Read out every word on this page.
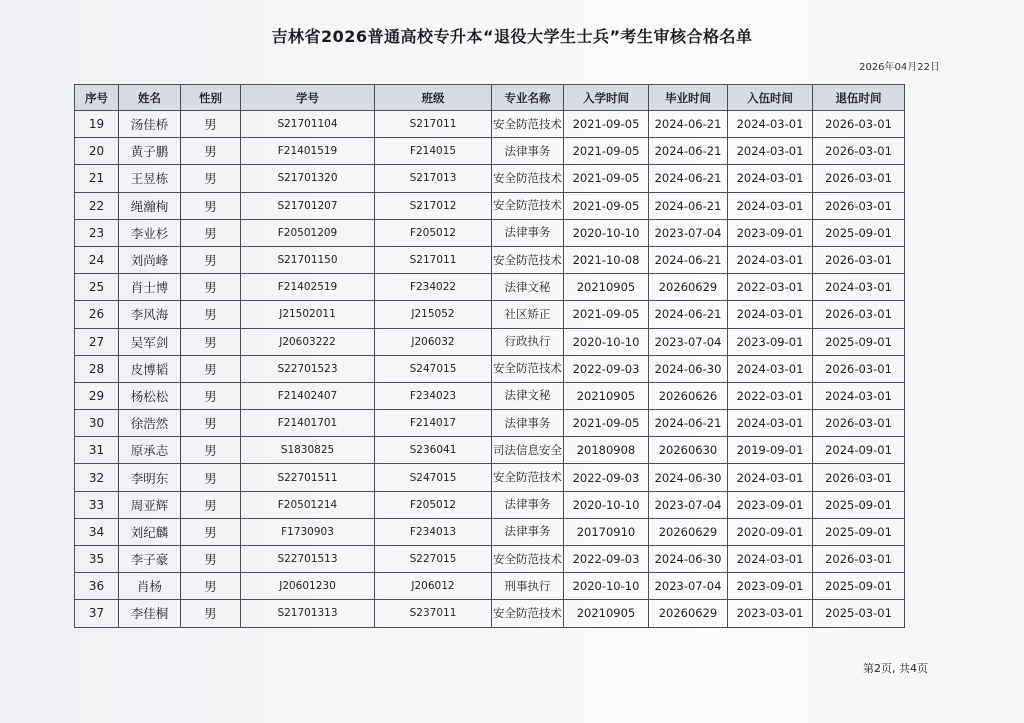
吉林省2026普通高校专升本“退役大学生士兵”考生审核合格名单
2026年04月22日
序号	姓名	性别	学号	班级	专业名称	入学时间	毕业时间	入伍时间	退伍时间
19	汤佳桥	男	S21701104	S217011	安全防范技术	2021-09-05	2024-06-21	2024-03-01	2026-03-01
20	黄子鹏	男	F21401519	F214015	法律事务	2021-09-05	2024-06-21	2024-03-01	2026-03-01
21	王昱栋	男	S21701320	S217013	安全防范技术	2021-09-05	2024-06-21	2024-03-01	2026-03-01
22	绳瀚栒	男	S21701207	S217012	安全防范技术	2021-09-05	2024-06-21	2024-03-01	2026-03-01
23	李业杉	男	F20501209	F205012	法律事务	2020-10-10	2023-07-04	2023-09-01	2025-09-01
24	刘尚峰	男	S21701150	S217011	安全防范技术	2021-10-08	2024-06-21	2024-03-01	2026-03-01
25	肖士博	男	F21402519	F234022	法律文秘	20210905	20260629	2022-03-01	2024-03-01
26	李风海	男	J21502011	J215052	社区矫正	2021-09-05	2024-06-21	2024-03-01	2026-03-01
27	吴军剑	男	J20603222	J206032	行政执行	2020-10-10	2023-07-04	2023-09-01	2025-09-01
28	皮博韬	男	S22701523	S247015	安全防范技术	2022-09-03	2024-06-30	2024-03-01	2026-03-01
29	杨松松	男	F21402407	F234023	法律文秘	20210905	20260626	2022-03-01	2024-03-01
30	徐浩然	男	F21401701	F214017	法律事务	2021-09-05	2024-06-21	2024-03-01	2026-03-01
31	原承志	男	S1830825	S236041	司法信息安全	20180908	20260630	2019-09-01	2024-09-01
32	李明东	男	S22701511	S247015	安全防范技术	2022-09-03	2024-06-30	2024-03-01	2026-03-01
33	周亚辉	男	F20501214	F205012	法律事务	2020-10-10	2023-07-04	2023-09-01	2025-09-01
34	刘纪麟	男	F1730903	F234013	法律事务	20170910	20260629	2020-09-01	2025-09-01
35	李子豪	男	S22701513	S227015	安全防范技术	2022-09-03	2024-06-30	2024-03-01	2026-03-01
36	肖杨	男	J20601230	J206012	刑事执行	2020-10-10	2023-07-04	2023-09-01	2025-09-01
37	李佳桐	男	S21701313	S237011	安全防范技术	20210905	20260629	2023-03-01	2025-03-01
第2页, 共4页
